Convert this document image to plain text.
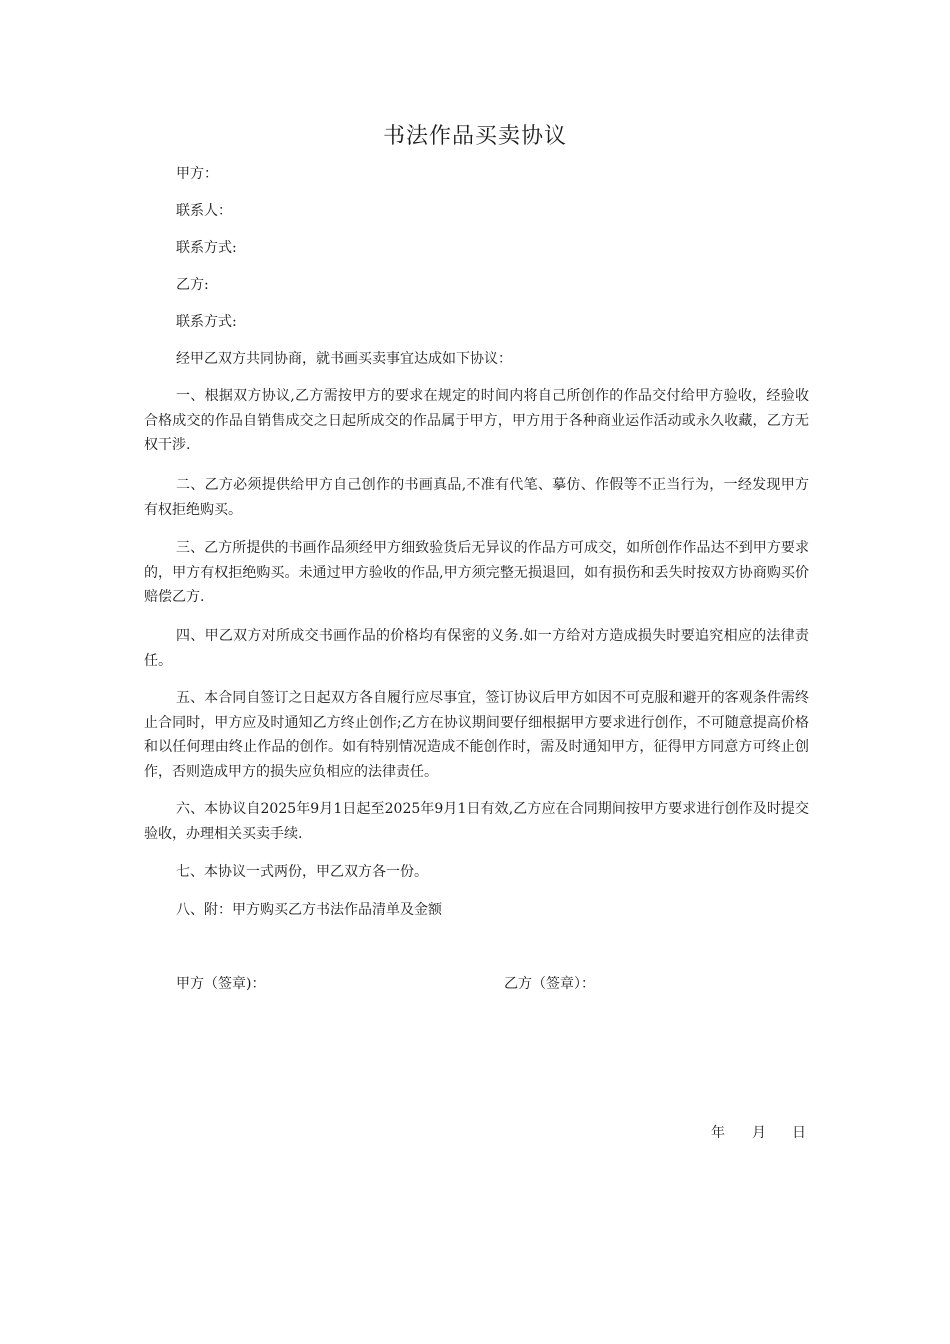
书法作品买卖协议
甲方：
联系人：
联系方式:
乙方:
联系方式:
经甲乙双方共同协商，就书画买卖事宜达成如下协议：
一、根据双方协议,乙方需按甲方的要求在规定的时间内将自己所创作的作品交付给甲方验收，经验收合格成交的作品自销售成交之日起所成交的作品属于甲方，甲方用于各种商业运作活动或永久收藏，乙方无权干涉.
二、乙方必须提供给甲方自己创作的书画真品,不准有代笔、摹仿、作假等不正当行为，一经发现甲方有权拒绝购买。
三、乙方所提供的书画作品须经甲方细致验货后无异议的作品方可成交，如所创作作品达不到甲方要求的，甲方有权拒绝购买。未通过甲方验收的作品,甲方须完整无损退回，如有损伤和丢失时按双方协商购买价赔偿乙方.
四、甲乙双方对所成交书画作品的价格均有保密的义务.如一方给对方造成损失时要追究相应的法律责任。
五、本合同自签订之日起双方各自履行应尽事宜，签订协议后甲方如因不可克服和避开的客观条件需终止合同时，甲方应及时通知乙方终止创作;乙方在协议期间要仔细根据甲方要求进行创作，不可随意提高价格和以任何理由终止作品的创作。如有特别情况造成不能创作时，需及时通知甲方，征得甲方同意方可终止创作，否则造成甲方的损失应负相应的法律责任。
六、本协议自2025年9月1日起至2025年9月1日有效,乙方应在合同期间按甲方要求进行创作及时提交验收，办理相关买卖手续.
七、本协议一式两份，甲乙双方各一份。
八、附：甲方购买乙方书法作品清单及金额
甲方（签章)：	乙方（签章）：
年 月 日
